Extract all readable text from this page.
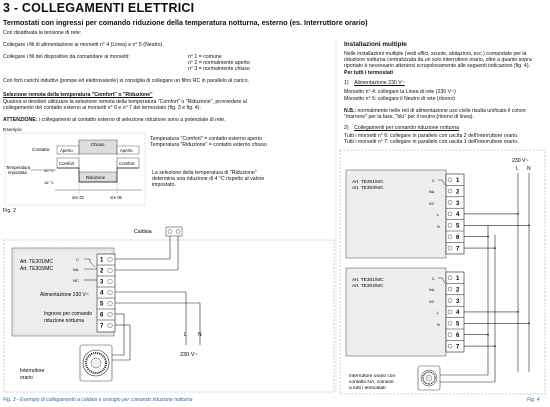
3 - COLLEGAMENTI ELETTRICI
Termostati con ingressi per comando riduzione della temperatura notturna, esterno (es. Interruttore orario)
Con disattivata la tensione di rete:
Collegare i fili di alimentazione ai morsetti n° 4 (Linea) e n° 5 (Neutro).
Collegare i fili del dispositivo da comandare ai morsetti:	n° 1 = comune
n° 2 = normalmente aperto
n° 3 = normalmente chiuso
Con forti carichi induttivi (pompe ed elettrovalvole) si consiglia di collegare un filtro RC in parallelo al carico.
Selezione remota della temperatura "Comfort" o "Riduzione"
Qualora si desideri utilizzare la selezione remota della temperatura "Comfort" o "Riduzione", provvedere al
collegamento del contatto esterno ai morsetti n° 6 e n° 7 del termostato (fig. 3 e fig. 4).
ATTENZIONE: i collegamenti al contatto esterno di selezione riduzione sono a potenziale di rete.
Esempio
Temperatura "Comfort" = contatto esterno aperto
Temperatura "Riduzione" = contatto esterno chiuso
La selezione della temperatura di "Riduzione"
determina una riduzione di 4 °C rispetto al valore
impostato.
Fig. 2
Installazioni multiple
Nelle installazioni multiple (vedi uffici, scuole, abitazioni, ecc.) comandate per la
riduzione notturna centralizzata da un solo interruttore orario, oltre a quanto sopra
riportato è necessario attenersi scrupolosamente alle seguenti indicazioni (fig. 4).
Per tutti i termostati
1) Alimentazione 230 V~
Morsetto n° 4: collegare la Linea di rete (230 V~)
Morsetto n° 5: collegare il Neutro di rete (ritorno)
N.B.: normalmente nelle reti di alimentazione uso civile risulta unificato il colore
"marrone" per la fase, "blu" per il neutro (ritorno di linea).
2) Collegamenti per comando riduzione notturna
Tutti i morsetti n° 6: collegare in parallelo con uscita 2 dell'interruttore orario.
Tutti i morsetti n° 7: collegare in parallelo con uscita 1 dell'interruttore orario.
Fig. 3 - Esempio di collegamento a caldaia e orologio per comando riduzione notturna	Fig. 4
Contatto Aperto
Chiuso
Aperto
Temperatura
impostata	20 °C
16 °C
Comfort	Comfort
Riduzione
ore 22	ore 06
Caldaia
Art. TE301/MC
Art. TE303/MC
C
NA
NC
1
2
3
4
5
6
7
Alimentazione 230 V~
Ingressi per comando
riduzione notturna
L N
230 V~
Interruttore
orario
L N
230 V~
Art. TE301/MC
Art. TE303/MC
1
2
3
4
5
6
7
C
NA
NC
L
N
Art. TE301/MC
Art. TE303/MC
1
2
3
4
5
6
7
C
NA
NC
L
N
Interruttore orario con
contatto NA, comune
a tutti i termostati
